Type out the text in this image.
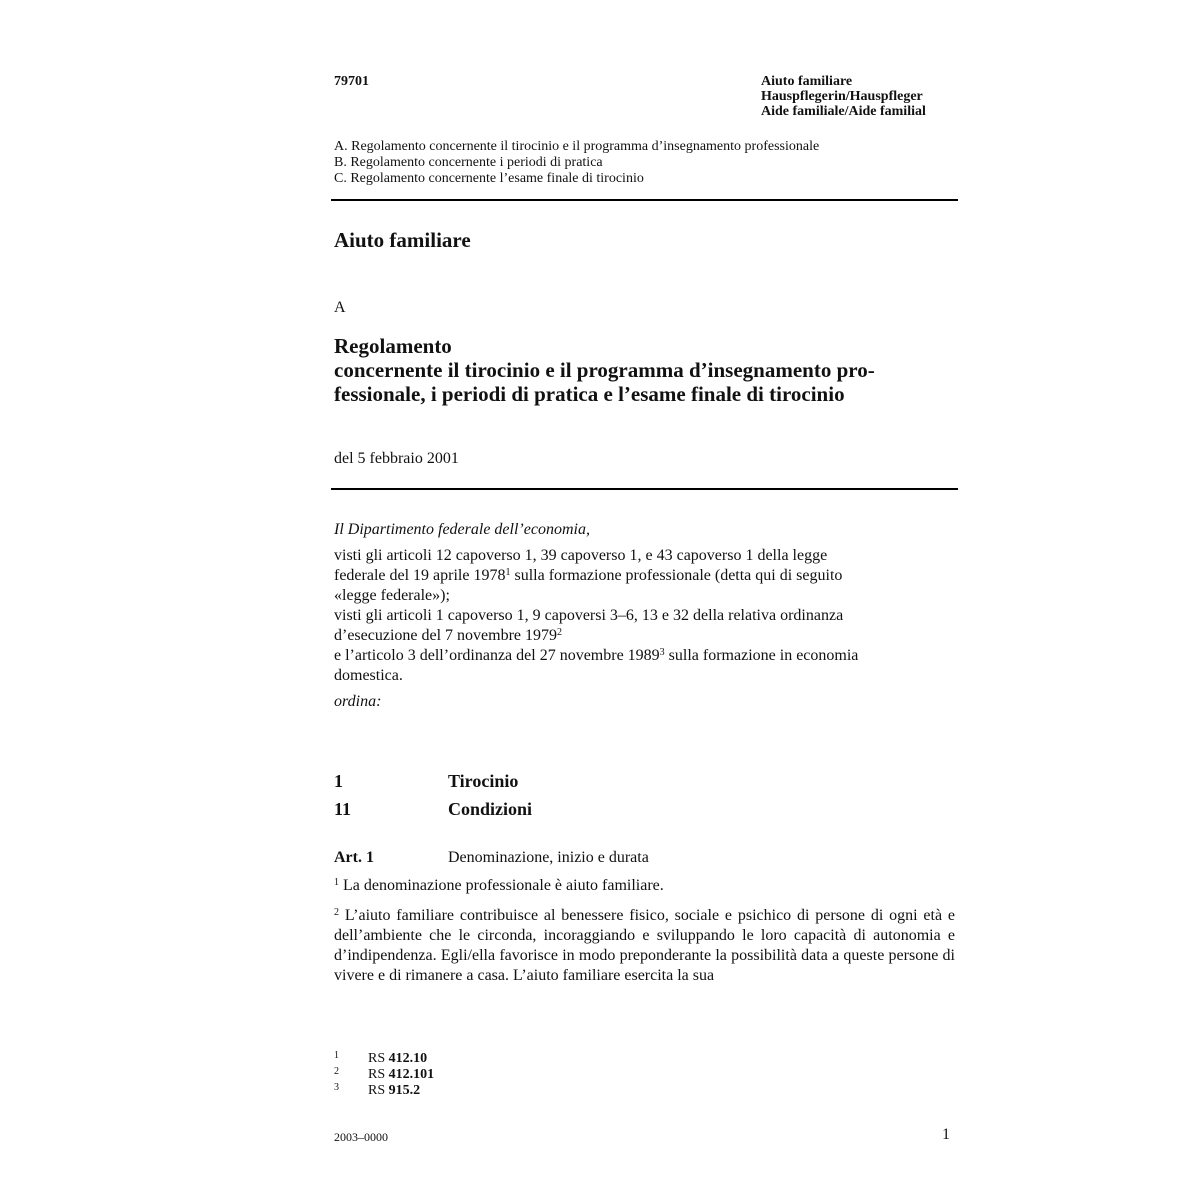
79701	Aiuto familiare
Hauspflegerin/Hauspfleger
Aide familiale/Aide familial
A. Regolamento concernente il tirocinio e il programma d’insegnamento professionale
B. Regolamento concernente i periodi di pratica
C. Regolamento concernente l’esame finale di tirocinio
Aiuto familiare
A
Regolamento
concernente il tirocinio e il programma d’insegnamento pro-
fessionale, i periodi di pratica e l’esame finale di tirocinio
del 5 febbraio 2001
Il Dipartimento federale dell’economia,
visti gli articoli 12 capoverso 1, 39 capoverso 1, e 43 capoverso 1 della legge
federale del 19 aprile 1978$^1$ sulla formazione professionale (detta qui di seguito
«legge federale»);
visti gli articoli 1 capoverso 1, 9 capoversi 3–6, 13 e 32 della relativa ordinanza
d’esecuzione del 7 novembre 1979$^2$
e l’articolo 3 dell’ordinanza del 27 novembre 1989$^3$ sulla formazione in economia
domestica.
ordina:
1	Tirocinio
11	Condizioni
Art. 1	Denominazione, inizio e durata
$^1$ La denominazione professionale è aiuto familiare.
$^2$ L’aiuto familiare contribuisce al benessere fisico, sociale e psichico di persone di ogni età e dell’ambiente che le circonda, incoraggiando e sviluppando le loro capacità di autonomia e d’indipendenza. Egli/ella favorisce in modo preponderante la possibilità data a queste persone di vivere e di rimanere a casa. L’aiuto familiare esercita la sua
1 RS 412.10
2 RS 412.101
3 RS 915.2
2003–0000	1
